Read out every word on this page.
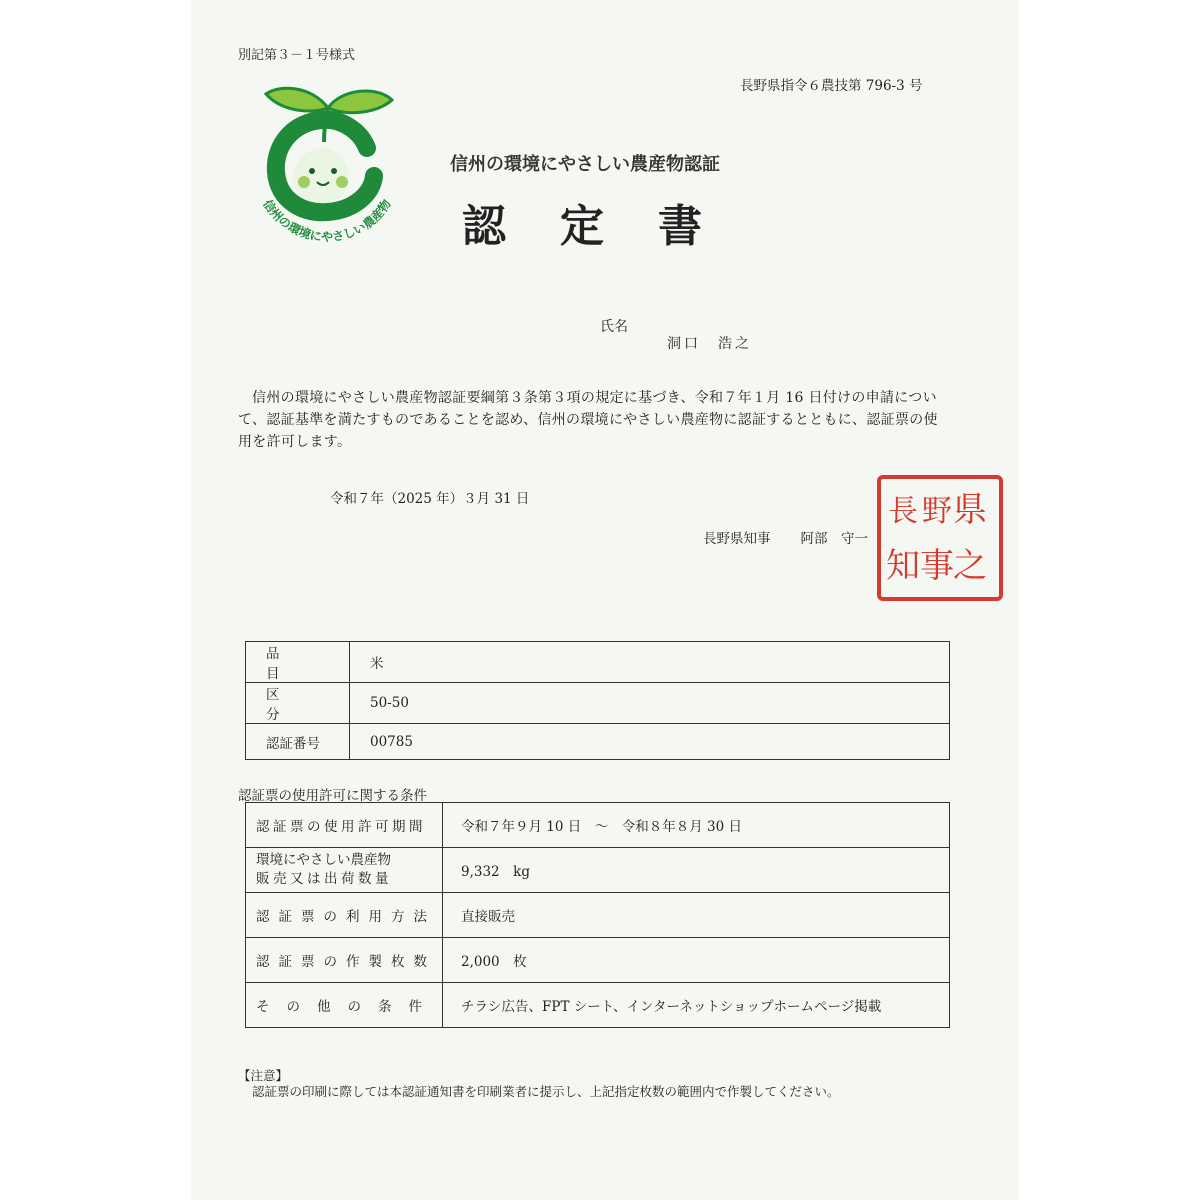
別記第３－１号様式
長野県指令６農技第 796-3 号
信州の環境にやさしい農産物
信州の環境にやさしい農産物認証
認定書
氏名
洞口　浩之
信州の環境にやさしい農産物認証要綱第３条第３項の規定に基づき、令和７年１月 16 日付けの申請について、認証基準を満たすものであることを認め、信州の環境にやさしい農産物に認証するとともに、認証票の使用を許可します。
令和７年（2025 年）３月 31 日
長野県知事 阿部　守一
県
之
野
事
長
知
品　目	米
区　分	50-50
認証番号	00785
認証票の使用許可に関する条件
認証票の使用許可期間	令和７年９月 10 日　～　令和８年８月 30 日

環境にやさしい農産物
販売又は出荷数量	9,332　kg
認証票の利用方法	直接販売
認証票の作製枚数	2,000　枚
その他の条件	チラシ広告、FPT シート、インターネットショップホームページ掲載
【注意】
認証票の印刷に際しては本認証通知書を印刷業者に提示し、上記指定枚数の範囲内で作製してください。
